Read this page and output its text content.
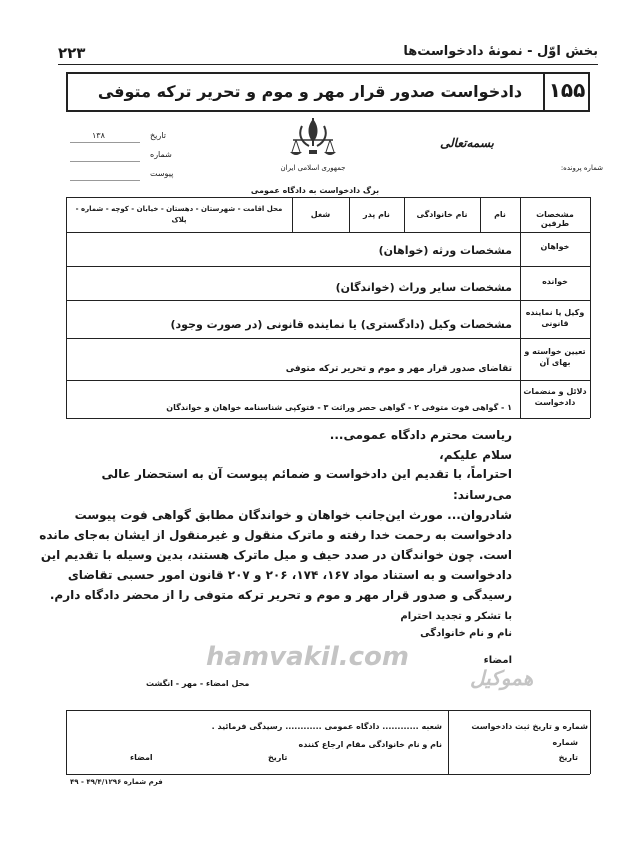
۲۲۳	بخش اوّل - نمونهٔ دادخواست‌ها
۱۵۵
دادخواست صدور قرار مهر و موم و تحریر ترکه متوفی
تاریخ
۱۳۸
شماره
پیوست
جمهوری اسلامی ایران
بسمه‌تعالی
شماره پرونده:
برگ دادخواست به دادگاه عمومی
مشخصات طرفین
نام
نام خانوادگی
نام پدر
شغل
محل اقامت - شهرستان - دهستان - خیابان - کوچه - شماره - پلاک
خواهان
خوانده
وکیل یا نماینده قانونی
تعیین خواسته و بهای آن
دلائل و منضمات دادخواست
مشخصات ورثه (خواهان)
مشخصات سایر وراث (خواندگان)
مشخصات وکیل (دادگستری) یا نماینده قانونی (در صورت وجود)
تقاضای صدور قرار مهر و موم و تحریر ترکه متوفی
۱ - گواهی فوت متوفی ۲ - گواهی حصر وراثت ۳ - فتوکپی شناسنامه خواهان و خواندگان
ریاست محترم دادگاه عمومی...
سلام علیکم،
احتراماً، با تقدیم این دادخواست و ضمائم پیوست آن به استحضار عالی
می‌رساند:
شادروان... مورث این‌جانب خواهان و خواندگان مطابق گواهی فوت پیوست
دادخواست به رحمت خدا رفته و ماترک منقول و غیرمنقول از ایشان به‌جای مانده
است. چون خواندگان در صدد حیف و میل ماترک هستند، بدین وسیله با تقدیم این
دادخواست و به استناد مواد ۱۶۷، ۱۷۴، ۲۰۶ و ۲۰۷ قانون امور حسبی تقاضای
رسیدگی و صدور قرار مهر و موم و تحریر ترکه متوفی را از محضر دادگاه دارم.
با تشکر و تجدید احترام
نام و نام خانوادگی
امضاء
محل امضاء - مهر - انگشت
hamvakil.com
هموکیل
شماره و تاریخ ثبت دادخواست
شماره
تاریخ
شعبه ............ دادگاه عمومی ............ رسیدگی فرمائید .
نام و نام خانوادگی مقام ارجاع کننده
تاریخ
امضاء
فرم شماره ۴۹/۴/۱۲۹۶ - ۴۹
